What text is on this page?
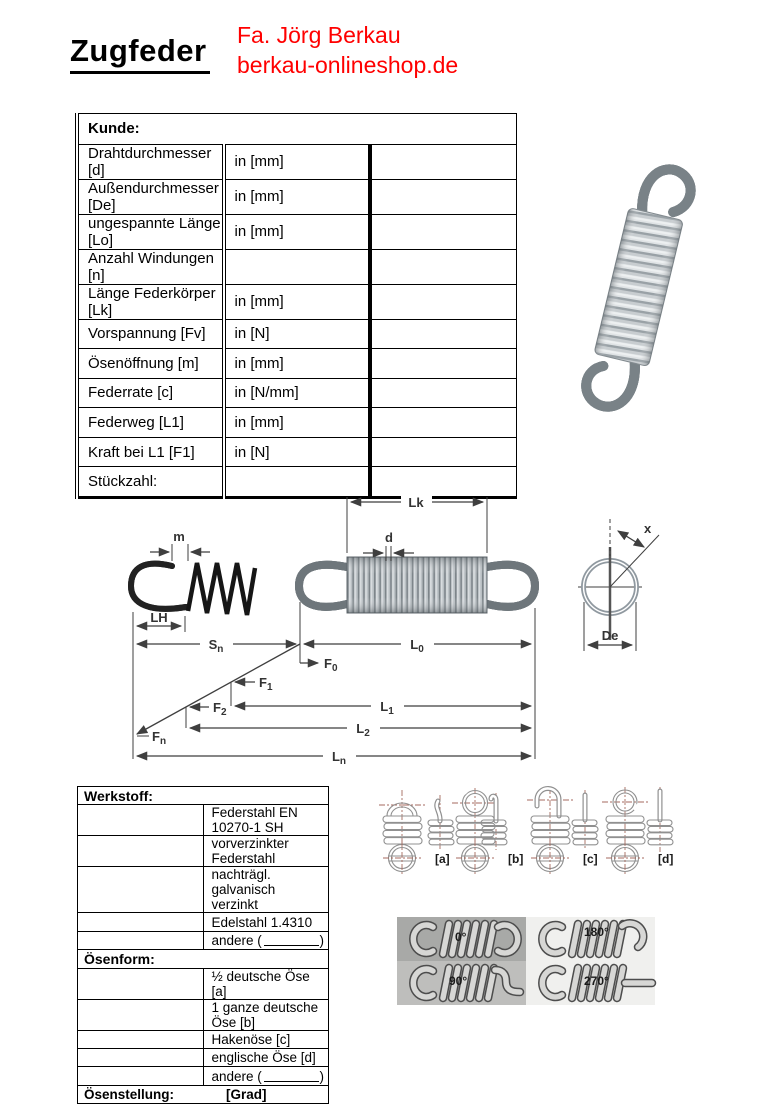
Zugfeder Fa. Jörg Berkau
berkau-onlineshop.de
Kunde:		
Drahtdurchmesser [d]	in [mm]	
Außendurchmesser [De]	in [mm]	
ungespannte Länge [Lo]	in [mm]	
Anzahl Windungen [n]		
Länge Federkörper [Lk]	in [mm]	
Vorspannung [Fv]	in [N]	
Ösenöffnung [m]	in [mm]	
Federrate [c]	in [N/mm]	
Federweg [L1]	in [mm]	
Kraft bei L1 [F1]	in [N]	
Stückzahl:		
m
LH
$S_n$
Lk
d
$L_0$
$F_0$
$F_1$
$F_2$
$F_n$
$L_1$
$L_2$
$L_n$
De
x
Werkstoff:	
	Federstahl EN 10270-1 SH
	vorverzinkter Federstahl
	nachträgl. galvanisch verzinkt
	Edelstahl 1.4310

	andere ( )

Ösenform:	
	½ deutsche Öse [a]
	1 ganze deutsche Öse [b]
	Hakenöse [c]
	englische Öse [d]

	andere ( )

Ösenstellung: [Grad]	
[a]	[b]	[c]	[d]
0°	180°
90°	270°
